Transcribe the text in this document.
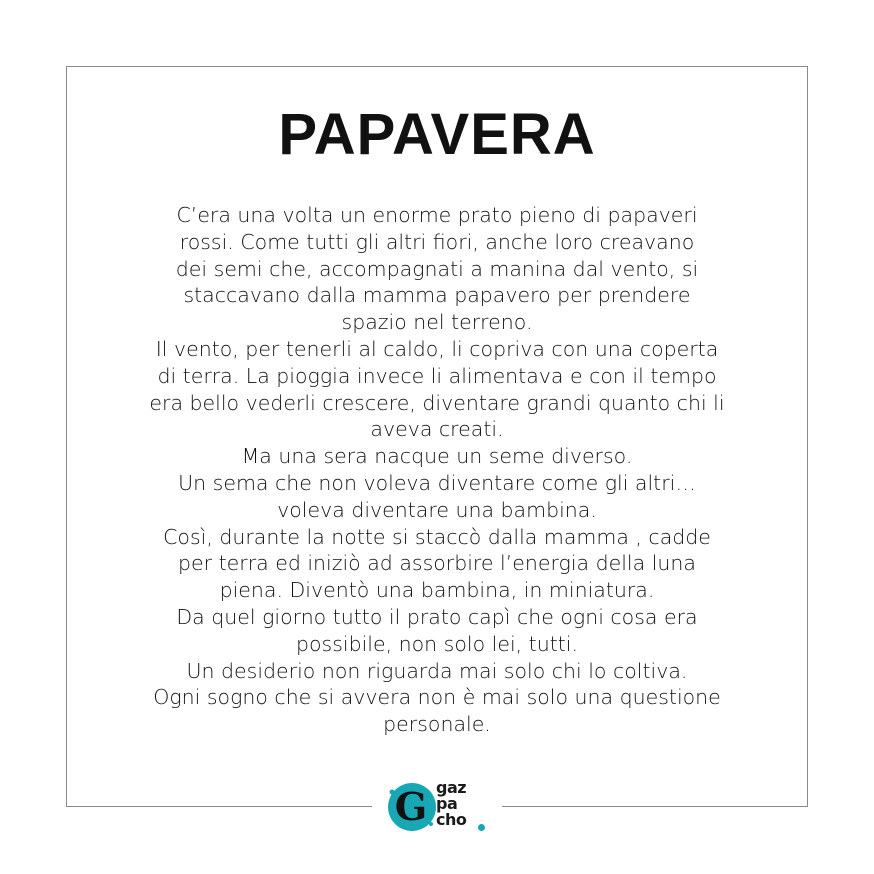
PAPAVERA
C’era una volta un enorme prato pieno di papaveri
rossi. Come tutti gli altri fiori, anche loro creavano
dei semi che, accompagnati a manina dal vento, si
staccavano dalla mamma papavero per prendere
spazio nel terreno.
Il vento, per tenerli al caldo, li copriva con una coperta
di terra. La pioggia invece li alimentava e con il tempo
era bello vederli crescere, diventare grandi quanto chi li
aveva creati.
Ma una sera nacque un seme diverso.
Un sema che non voleva diventare come gli altri…
voleva diventare una bambina.
Così, durante la notte si staccò dalla mamma , cadde
per terra ed iniziò ad assorbire l’energia della luna
piena. Diventò una bambina, in miniatura.
Da quel giorno tutto il prato capì che ogni cosa era
possibile, non solo lei, tutti.
Un desiderio non riguarda mai solo chi lo coltiva.
Ogni sogno che si avvera non è mai solo una questione
personale.
G gaz
pa
cho
